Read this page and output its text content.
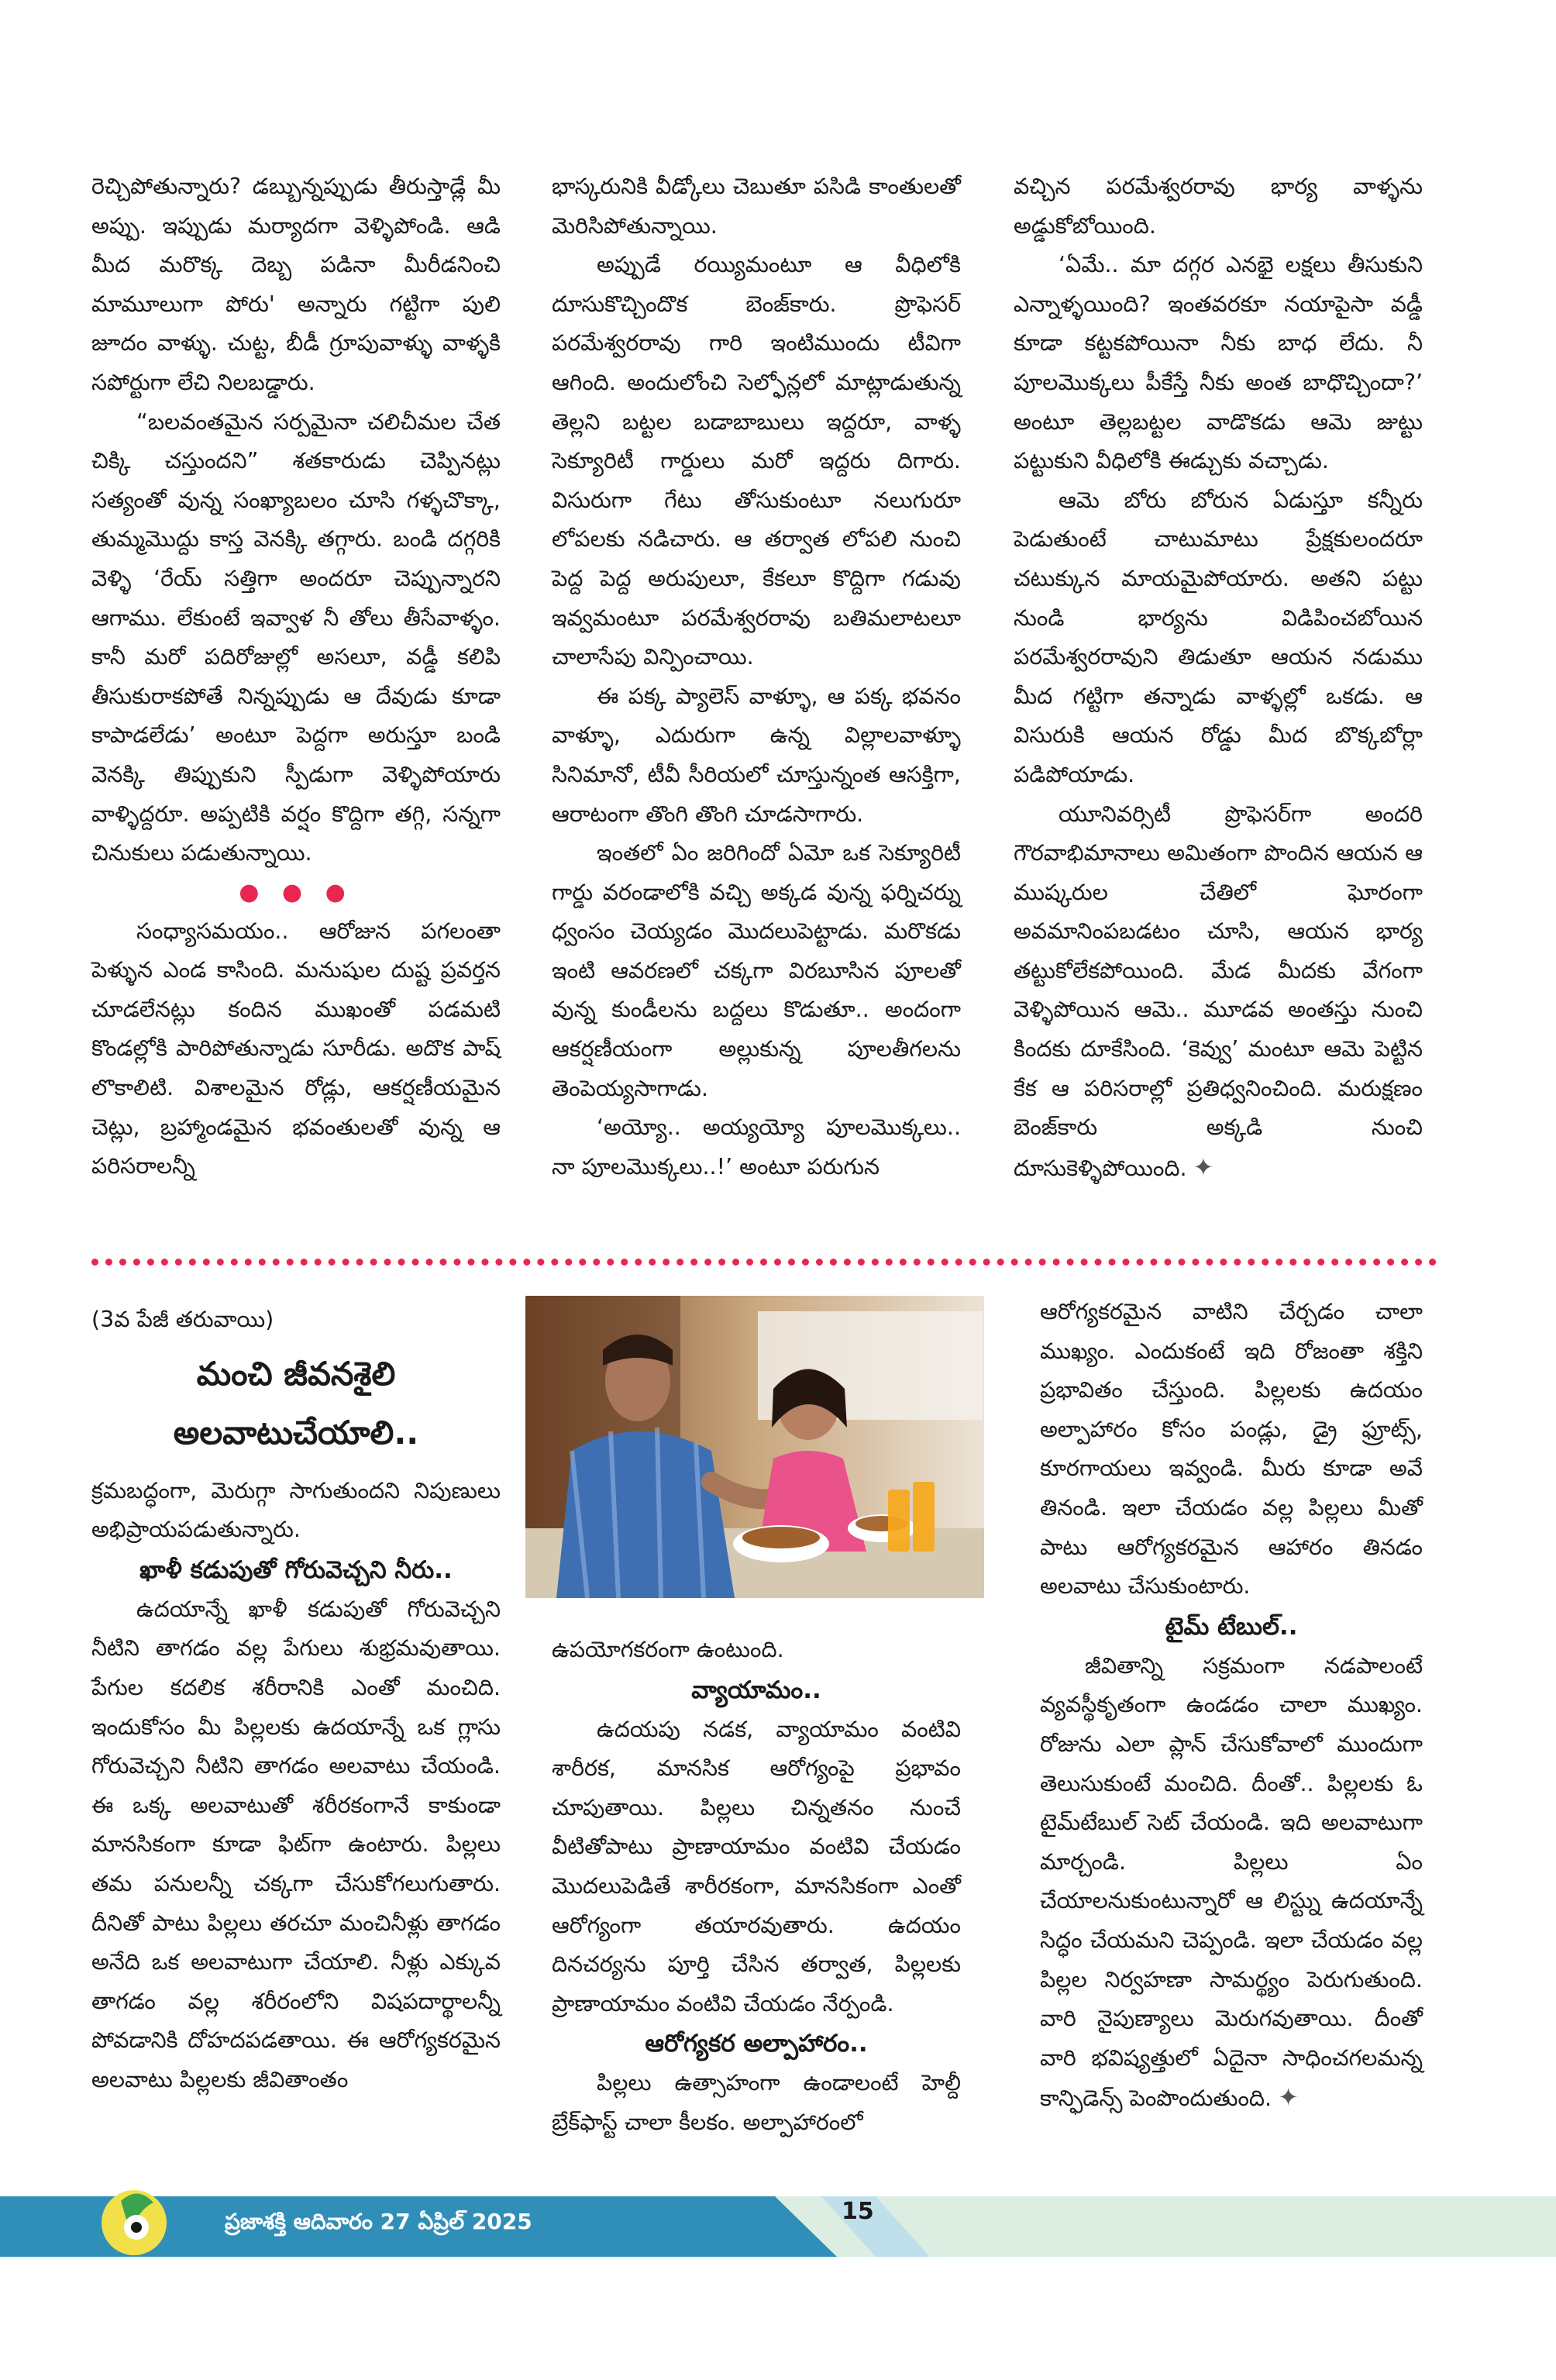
రెచ్చిపోతున్నారు? డబ్బున్నప్పుడు తీరుస్తాడ్లే మీ అప్పు. ఇప్పుడు మర్యాదగా వెళ్ళిపోండి. ఆడి మీద మరొక్క దెబ్బ పడినా మీరీడనించి మామూలుగా పోరు' అన్నారు గట్టిగా పులి జూదం వాళ్ళు. చుట్ట, బీడీ గ్రూపువాళ్ళు వాళ్ళకి సపోర్టుగా లేచి నిలబడ్డారు.

“బలవంతమైన సర్పమైనా చలిచీమల చేత చిక్కి చస్తుందని” శతకారుడు చెప్పినట్లు సత్యంతో వున్న సంఖ్యాబలం చూసి గళ్ళచొక్కా, తుమ్మమొద్దు కాస్త వెనక్కి తగ్గారు. బండి దగ్గరికి వెళ్ళి ‘రేయ్ సత్తిగా అందరూ చెప్పున్నారని ఆగాము. లేకుంటే ఇవ్వాళ నీ తోలు తీసేవాళ్ళం. కానీ మరో పదిరోజుల్లో అసలూ, వడ్డీ కలిపి తీసుకురాకపోతే నిన్నప్పుడు ఆ దేవుడు కూడా కాపాడలేడు’ అంటూ పెద్దగా అరుస్తూ బండి వెనక్కి తిప్పుకుని స్పీడుగా వెళ్ళిపోయారు వాళ్ళిద్దరూ. అప్పటికి వర్షం కొద్దిగా తగ్గి, సన్నగా చినుకులు పడుతున్నాయి.

● ● ●

సంధ్యాసమయం.. ఆరోజున పగలంతా పెళ్ళున ఎండ కాసింది. మనుషుల దుష్ట ప్రవర్తన చూడలేనట్లు కందిన ముఖంతో పడమటి కొండల్లోకి పారిపోతున్నాడు సూరీడు. అదొక పాష్ లొకాలిటి. విశాలమైన రోడ్లు, ఆకర్షణీయమైన చెట్లు, బ్రహ్మాండమైన భవంతులతో వున్న ఆ పరిసరాలన్నీ

భాస్కరునికి వీడ్కోలు చెబుతూ పసిడి కాంతులతో మెరిసిపోతున్నాయి.

అప్పుడే రయ్యిమంటూ ఆ వీధిలోకి దూసుకొచ్చిందొక బెంజ్‌కారు. ప్రొఫెసర్ పరమేశ్వరరావు గారి ఇంటిముందు టీవిగా ఆగింది. అందులోంచి సెల్ఫోన్లలో మాట్లాడుతున్న తెల్లని బట్టల బడాబాబులు ఇద్దరూ, వాళ్ళ సెక్యూరిటీ గార్డులు మరో ఇద్దరు దిగారు. విసురుగా గేటు తోసుకుంటూ నలుగురూ లోపలకు నడిచారు. ఆ తర్వాత లోపలి నుంచి పెద్ద పెద్ద అరుపులూ, కేకలూ కొద్దిగా గడువు ఇవ్వమంటూ పరమేశ్వరరావు బతిమలాటలూ చాలాసేపు విన్పించాయి.

ఈ పక్క ప్యాలెస్ వాళ్ళూ, ఆ పక్క భవనం వాళ్ళూ, ఎదురుగా ఉన్న విల్లాలవాళ్ళూ సినిమానో, టీవీ సీరియలో చూస్తున్నంత ఆసక్తిగా, ఆరాటంగా తొంగి తొంగి చూడసాగారు.

ఇంతలో ఏం జరిగిందో ఏమో ఒక సెక్యూరిటీ గార్డు వరండాలోకి వచ్చి అక్కడ వున్న ఫర్నిచర్ను ధ్వంసం చెయ్యడం మొదలుపెట్టాడు. మరొకడు ఇంటి ఆవరణలో చక్కగా విరబూసిన పూలతో వున్న కుండీలను బద్దలు కొడుతూ.. అందంగా ఆకర్షణీయంగా అల్లుకున్న పూలతీగలను తెంపెయ్యసాగాడు.

‘అయ్యో.. అయ్యయ్యో పూలమొక్కలు.. నా పూలమొక్కలు..!’ అంటూ పరుగున

వచ్చిన పరమేశ్వరరావు భార్య వాళ్ళను అడ్డుకోబోయింది.

‘ఏమే.. మా దగ్గర ఎనభై లక్షలు తీసుకుని ఎన్నాళ్ళయింది? ఇంతవరకూ నయాపైసా వడ్డీ కూడా కట్టకపోయినా నీకు బాధ లేదు. నీ పూలమొక్కలు పీకేస్తే నీకు అంత బాధొచ్చిందా?’ అంటూ తెల్లబట్టల వాడొకడు ఆమె జుట్టు పట్టుకుని వీధిలోకి ఈడ్చుకు వచ్చాడు.

ఆమె బోరు బోరున ఏడుస్తూ కన్నీరు పెడుతుంటే చాటుమాటు ప్రేక్షకులందరూ చటుక్కున మాయమైపోయారు. అతని పట్టు నుండి భార్యను విడిపించబోయిన పరమేశ్వరరావుని తిడుతూ ఆయన నడుము మీద గట్టిగా తన్నాడు వాళ్ళల్లో ఒకడు. ఆ విసురుకి ఆయన రోడ్డు మీద బొక్కబోర్లా పడిపోయాడు.

యూనివర్సిటీ ప్రొఫెసర్‌గా అందరి గౌరవాభిమానాలు అమితంగా పొందిన ఆయన ఆ ముష్కరుల చేతిలో ఘోరంగా అవమానింపబడటం చూసి, ఆయన భార్య తట్టుకోలేకపోయింది. మేడ మీదకు వేగంగా వెళ్ళిపోయిన ఆమె.. మూడవ అంతస్తు నుంచి కిందకు దూకేసింది. ‘కెవ్వు’ మంటూ ఆమె పెట్టిన కేక ఆ పరిసరాల్లో ప్రతిధ్వనించింది. మరుక్షణం బెంజ్‌కారు అక్కడి నుంచి దూసుకెళ్ళిపోయింది. ✦

(3వ పేజీ తరువాయి)

మంచి జీవనశైలి
అలవాటుచేయాలి..

క్రమబద్ధంగా, మెరుగ్గా సాగుతుందని నిపుణులు అభిప్రాయపడుతున్నారు.

ఖాళీ కడుపుతో గోరువెచ్చని నీరు..

ఉదయాన్నే ఖాళీ కడుపుతో గోరువెచ్చని నీటిని తాగడం వల్ల పేగులు శుభ్రమవుతాయి. పేగుల కదలిక శరీరానికి ఎంతో మంచిది. ఇందుకోసం మీ పిల్లలకు ఉదయాన్నే ఒక గ్లాసు గోరువెచ్చని నీటిని తాగడం అలవాటు చేయండి. ఈ ఒక్క అలవాటుతో శరీరకంగానే కాకుండా మానసికంగా కూడా ఫిట్‌గా ఉంటారు. పిల్లలు తమ పనులన్నీ చక్కగా చేసుకోగలుగుతారు. దీనితో పాటు పిల్లలు తరచూ మంచినీళ్లు తాగడం అనేది ఒక అలవాటుగా చేయాలి. నీళ్లు ఎక్కువ తాగడం వల్ల శరీరంలోని విషపదార్థాలన్నీ పోవడానికి దోహదపడతాయి. ఈ ఆరోగ్యకరమైన అలవాటు పిల్లలకు జీవితాంతం

ఉపయోగకరంగా ఉంటుంది.

వ్యాయామం..

ఉదయపు నడక, వ్యాయామం వంటివి శారీరక, మానసిక ఆరోగ్యంపై ప్రభావం చూపుతాయి. పిల్లలు చిన్నతనం నుంచే వీటితోపాటు ప్రాణాయామం వంటివి చేయడం మొదలుపెడితే శారీరకంగా, మానసికంగా ఎంతో ఆరోగ్యంగా తయారవుతారు. ఉదయం దినచర్యను పూర్తి చేసిన తర్వాత, పిల్లలకు ప్రాణాయామం వంటివి చేయడం నేర్పండి.

ఆరోగ్యకర అల్పాహారం..

పిల్లలు ఉత్సాహంగా ఉండాలంటే హెల్దీ బ్రేక్‌ఫాస్ట్ చాలా కీలకం. అల్పాహారంలో

ఆరోగ్యకరమైన వాటిని చేర్చడం చాలా ముఖ్యం. ఎందుకంటే ఇది రోజంతా శక్తిని ప్రభావితం చేస్తుంది. పిల్లలకు ఉదయం అల్పాహారం కోసం పండ్లు, డ్రై ఫ్రూట్స్, కూరగాయలు ఇవ్వండి. మీరు కూడా అవే తినండి. ఇలా చేయడం వల్ల పిల్లలు మీతో పాటు ఆరోగ్యకరమైన ఆహారం తినడం అలవాటు చేసుకుంటారు.

టైమ్ టేబుల్..

జీవితాన్ని సక్రమంగా నడపాలంటే వ్యవస్థీకృతంగా ఉండడం చాలా ముఖ్యం. రోజును ఎలా ప్లాన్ చేసుకోవాలో ముందుగా తెలుసుకుంటే మంచిది. దీంతో.. పిల్లలకు ఓ టైమ్‌టేబుల్ సెట్ చేయండి. ఇది అలవాటుగా మార్చండి. పిల్లలు ఏం చేయాలనుకుంటున్నారో ఆ లిస్ట్ను ఉదయాన్నే సిద్ధం చేయమని చెప్పండి. ఇలా చేయడం వల్ల పిల్లల నిర్వహణా సామర్థ్యం పెరుగుతుంది. వారి నైపుణ్యాలు మెరుగవుతాయి. దీంతో వారి భవిష్యత్తులో ఏదైనా సాధించగలమన్న కాన్ఫిడెన్స్ పెంపొందుతుంది. ✦

ప్రజాశక్తి ఆదివారం 27 ఏప్రిల్ 2025	15
